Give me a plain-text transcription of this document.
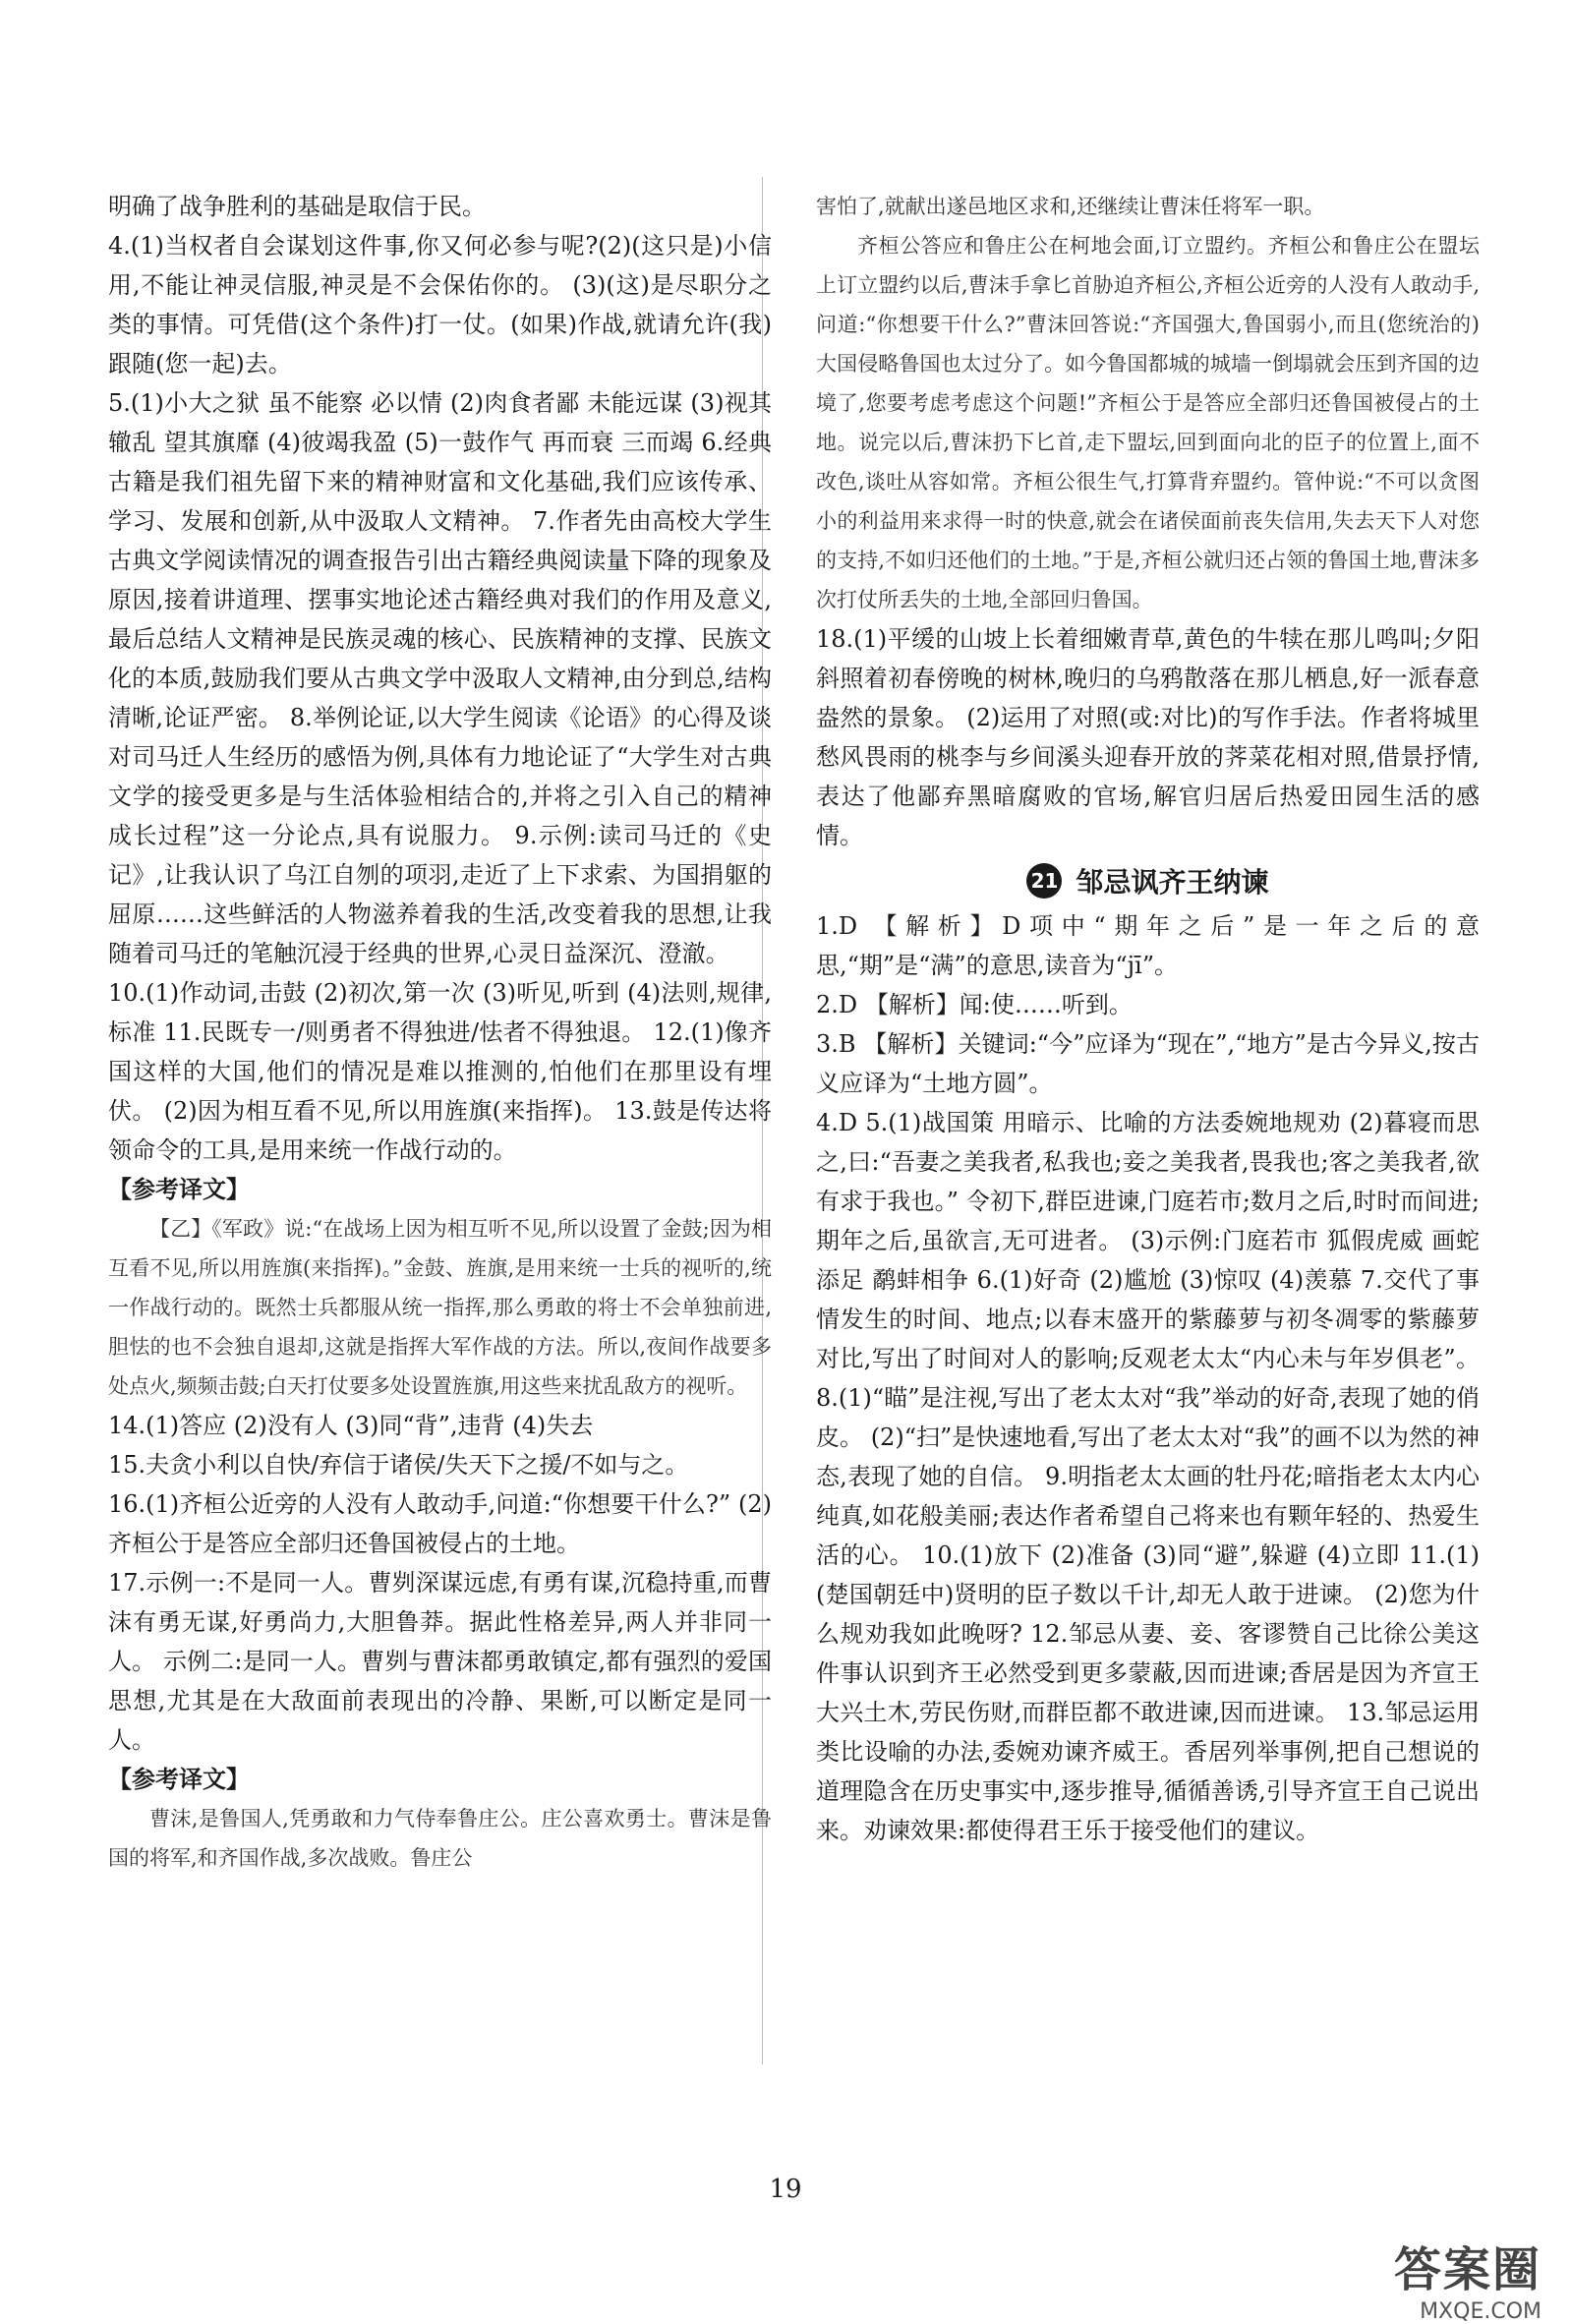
明确了战争胜利的基础是取信于民。

4.(1)当权者自会谋划这件事,你又何必参与呢?(2)(这只是)小信用,不能让神灵信服,神灵是不会保佑你的。 (3)(这)是尽职分之类的事情。可凭借(这个条件)打一仗。(如果)作战,就请允许(我)跟随(您一起)去。

5.(1)小大之狱 虽不能察 必以情 (2)肉食者鄙 未能远谋 (3)视其辙乱 望其旗靡 (4)彼竭我盈 (5)一鼓作气 再而衰 三而竭 6.经典古籍是我们祖先留下来的精神财富和文化基础,我们应该传承、学习、发展和创新,从中汲取人文精神。 7.作者先由高校大学生古典文学阅读情况的调查报告引出古籍经典阅读量下降的现象及原因,接着讲道理、摆事实地论述古籍经典对我们的作用及意义,最后总结人文精神是民族灵魂的核心、民族精神的支撑、民族文化的本质,鼓励我们要从古典文学中汲取人文精神,由分到总,结构清晰,论证严密。 8.举例论证,以大学生阅读《论语》的心得及谈对司马迁人生经历的感悟为例,具体有力地论证了“大学生对古典文学的接受更多是与生活体验相结合的,并将之引入自己的精神成长过程”这一分论点,具有说服力。 9.示例:读司马迁的《史记》,让我认识了乌江自刎的项羽,走近了上下求索、为国捐躯的屈原……这些鲜活的人物滋养着我的生活,改变着我的思想,让我随着司马迁的笔触沉浸于经典的世界,心灵日益深沉、澄澈。

10.(1)作动词,击鼓 (2)初次,第一次 (3)听见,听到 (4)法则,规律,标准 11.民既专一/则勇者不得独进/怯者不得独退。 12.(1)像齐国这样的大国,他们的情况是难以推测的,怕他们在那里设有埋伏。 (2)因为相互看不见,所以用旌旗(来指挥)。 13.鼓是传达将领命令的工具,是用来统一作战行动的。

【参考译文】

【乙】《军政》说:“在战场上因为相互听不见,所以设置了金鼓;因为相互看不见,所以用旌旗(来指挥)。”金鼓、旌旗,是用来统一士兵的视听的,统一作战行动的。既然士兵都服从统一指挥,那么勇敢的将士不会单独前进,胆怯的也不会独自退却,这就是指挥大军作战的方法。所以,夜间作战要多处点火,频频击鼓;白天打仗要多处设置旌旗,用这些来扰乱敌方的视听。

14.(1)答应 (2)没有人 (3)同“背”,违背 (4)失去

15.夫贪小利以自快/弃信于诸侯/失天下之援/不如与之。

16.(1)齐桓公近旁的人没有人敢动手,问道:“你想要干什么?” (2)齐桓公于是答应全部归还鲁国被侵占的土地。

17.示例一:不是同一人。曹刿深谋远虑,有勇有谋,沉稳持重,而曹沫有勇无谋,好勇尚力,大胆鲁莽。据此性格差异,两人并非同一人。 示例二:是同一人。曹刿与曹沫都勇敢镇定,都有强烈的爱国思想,尤其是在大敌面前表现出的冷静、果断,可以断定是同一人。

【参考译文】

曹沫,是鲁国人,凭勇敢和力气侍奉鲁庄公。庄公喜欢勇士。曹沫是鲁国的将军,和齐国作战,多次战败。鲁庄公

害怕了,就献出遂邑地区求和,还继续让曹沫任将军一职。

齐桓公答应和鲁庄公在柯地会面,订立盟约。齐桓公和鲁庄公在盟坛上订立盟约以后,曹沫手拿匕首胁迫齐桓公,齐桓公近旁的人没有人敢动手,问道:“你想要干什么?”曹沫回答说:“齐国强大,鲁国弱小,而且(您统治的)大国侵略鲁国也太过分了。如今鲁国都城的城墙一倒塌就会压到齐国的边境了,您要考虑考虑这个问题!”齐桓公于是答应全部归还鲁国被侵占的土地。说完以后,曹沫扔下匕首,走下盟坛,回到面向北的臣子的位置上,面不改色,谈吐从容如常。齐桓公很生气,打算背弃盟约。管仲说:“不可以贪图小的利益用来求得一时的快意,就会在诸侯面前丧失信用,失去天下人对您的支持,不如归还他们的土地。”于是,齐桓公就归还占领的鲁国土地,曹沫多次打仗所丢失的土地,全部回归鲁国。

18.(1)平缓的山坡上长着细嫩青草,黄色的牛犊在那儿鸣叫;夕阳斜照着初春傍晚的树林,晚归的乌鸦散落在那儿栖息,好一派春意盎然的景象。 (2)运用了对照(或:对比)的写作手法。作者将城里愁风畏雨的桃李与乡间溪头迎春开放的荠菜花相对照,借景抒情,表达了他鄙弃黑暗腐败的官场,解官归居后热爱田园生活的感情。

21 邹忌讽齐王纳谏

1.D 【解析】D项中“期年之后”是一年之后的意思,“期”是“满”的意思,读音为“jī”。

2.D 【解析】闻:使……听到。

3.B 【解析】关键词:“今”应译为“现在”,“地方”是古今异义,按古义应译为“土地方圆”。

4.D 5.(1)战国策 用暗示、比喻的方法委婉地规劝 (2)暮寝而思之,曰:“吾妻之美我者,私我也;妾之美我者,畏我也;客之美我者,欲有求于我也。” 令初下,群臣进谏,门庭若市;数月之后,时时而间进;期年之后,虽欲言,无可进者。 (3)示例:门庭若市 狐假虎威 画蛇添足 鹬蚌相争 6.(1)好奇 (2)尴尬 (3)惊叹 (4)羡慕 7.交代了事情发生的时间、地点;以春末盛开的紫藤萝与初冬凋零的紫藤萝对比,写出了时间对人的影响;反观老太太“内心未与年岁俱老”。 8.(1)“瞄”是注视,写出了老太太对“我”举动的好奇,表现了她的俏皮。 (2)“扫”是快速地看,写出了老太太对“我”的画不以为然的神态,表现了她的自信。 9.明指老太太画的牡丹花;暗指老太太内心纯真,如花般美丽;表达作者希望自己将来也有颗年轻的、热爱生活的心。 10.(1)放下 (2)准备 (3)同“避”,躲避 (4)立即 11.(1)(楚国朝廷中)贤明的臣子数以千计,却无人敢于进谏。 (2)您为什么规劝我如此晚呀? 12.邹忌从妻、妾、客谬赞自己比徐公美这件事认识到齐王必然受到更多蒙蔽,因而进谏;香居是因为齐宣王大兴土木,劳民伤财,而群臣都不敢进谏,因而进谏。 13.邹忌运用类比设喻的办法,委婉劝谏齐威王。香居列举事例,把自己想说的道理隐含在历史事实中,逐步推导,循循善诱,引导齐宣王自己说出来。劝谏效果:都使得君王乐于接受他们的建议。

19
答案圈
MXQE.COM
